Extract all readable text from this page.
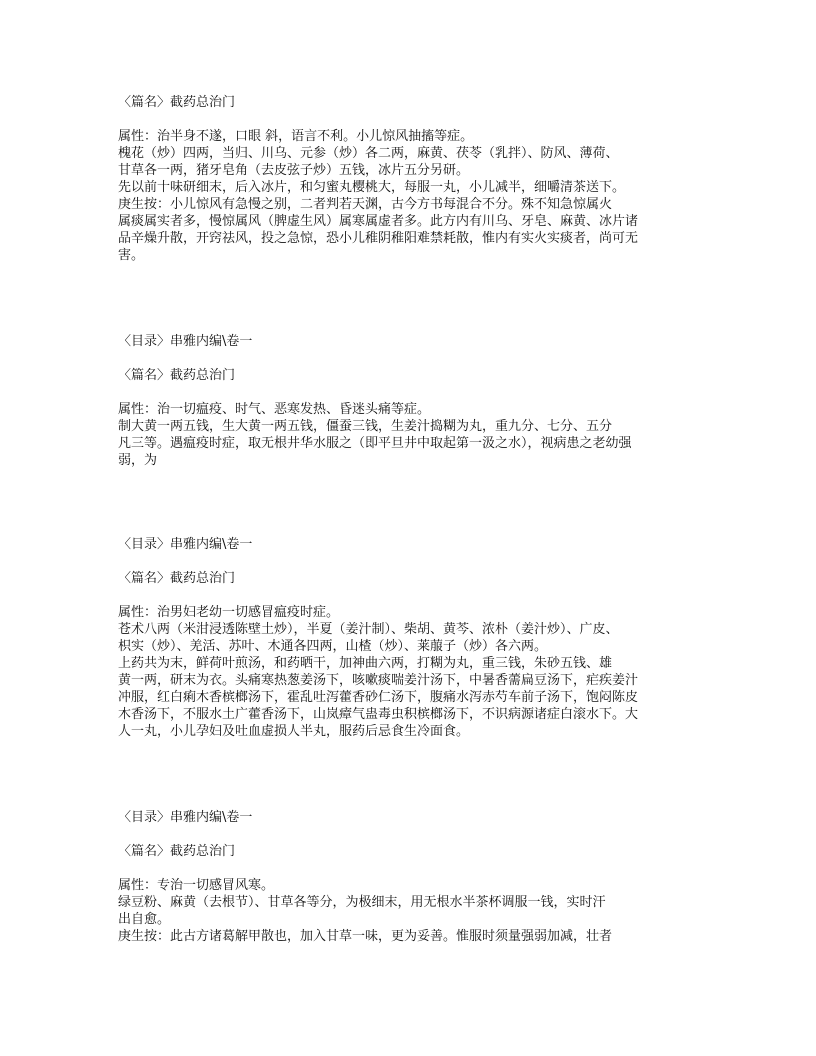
〈篇名〉截药总治门
属性：治半身不遂，口眼 斜，语言不利。小儿惊风抽搐等症。
槐花（炒）四两，当归、川乌、元参（炒）各二两，麻黄、茯苓（乳拌）、防风、薄荷、
甘草各一两，猪牙皂角（去皮弦子炒）五钱，冰片五分另研。
先以前十味研细末，后入冰片，和匀蜜丸樱桃大，每服一丸，小儿减半，细嚼清茶送下。
庚生按：小儿惊风有急慢之别，二者判若天渊，古今方书每混合不分。殊不知急惊属火
属痰属实者多，慢惊属风（脾虚生风）属寒属虚者多。此方内有川乌、牙皂、麻黄、冰片诸
品辛燥升散，开窍祛风，投之急惊，恐小儿稚阴稚阳难禁耗散，惟内有实火实痰者，尚可无
害。
〈目录〉串雅内编\卷一
〈篇名〉截药总治门
属性：治一切瘟疫、时气、恶寒发热、昏迷头痛等症。
制大黄一两五钱，生大黄一两五钱，僵蚕三钱，生姜汁捣糊为丸，重九分、七分、五分
凡三等。遇瘟疫时症，取无根井华水服之（即平旦井中取起第一汲之水），视病患之老幼强
弱，为
〈目录〉串雅内编\卷一
〈篇名〉截药总治门
属性：治男妇老幼一切感冒瘟疫时症。
苍术八两（米泔浸透陈壁土炒），半夏（姜汁制）、柴胡、黄芩、浓朴（姜汁炒）、广皮、
枳实（炒）、羌活、苏叶、木通各四两，山楂（炒）、莱菔子（炒）各六两。
上药共为末，鲜荷叶煎汤，和药晒干，加神曲六两，打糊为丸，重三钱，朱砂五钱、雄
黄一两，研末为衣。头痛寒热葱姜汤下，咳嗽痰喘姜汁汤下，中暑香薷扁豆汤下，疟疾姜汁
冲服，红白痢木香槟榔汤下，霍乱吐泻藿香砂仁汤下，腹痛水泻赤芍车前子汤下，饱闷陈皮
木香汤下，不服水土广藿香汤下，山岚瘴气蛊毒虫积槟榔汤下，不识病源诸症白滚水下。大
人一丸，小儿孕妇及吐血虚损人半丸，服药后忌食生冷面食。
〈目录〉串雅内编\卷一
〈篇名〉截药总治门
属性：专治一切感冒风寒。
绿豆粉、麻黄（去根节）、甘草各等分，为极细末，用无根水半茶杯调服一钱，实时汗
出自愈。
庚生按：此古方诸葛解甲散也，加入甘草一味，更为妥善。惟服时须量强弱加减，壮者
